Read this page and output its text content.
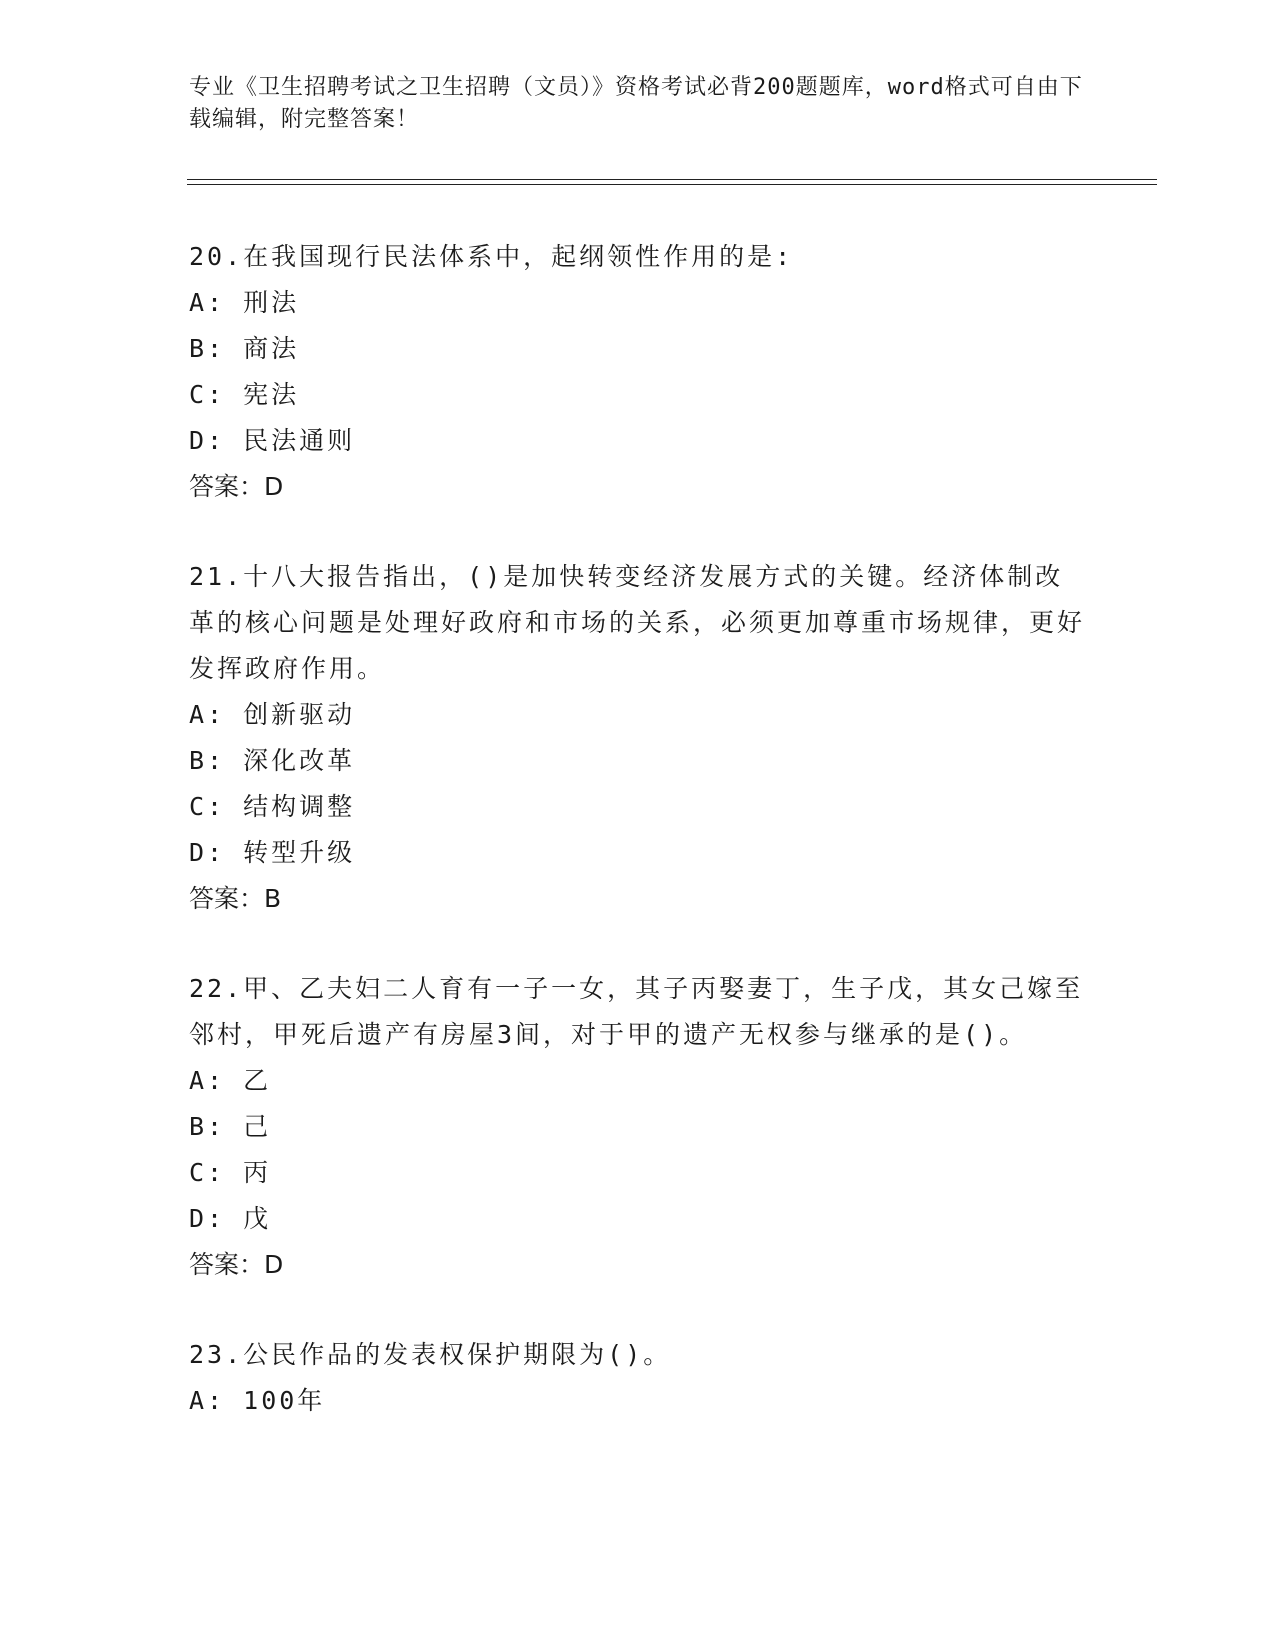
专业《卫生招聘考试之卫生招聘（文员）》资格考试必背200题题库，word格式可自由下载编辑，附完整答案！

20.在我国现行民法体系中，起纲领性作用的是:

A: 刑法

B: 商法

C: 宪法

D: 民法通则

答案：D

21.十八大报告指出，()是加快转变经济发展方式的关键。经济体制改革的核心问题是处理好政府和市场的关系，必须更加尊重市场规律，更好发挥政府作用。

A: 创新驱动

B: 深化改革

C: 结构调整

D: 转型升级

答案：B

22.甲、乙夫妇二人育有一子一女，其子丙娶妻丁，生子戊，其女己嫁至邻村，甲死后遗产有房屋3间，对于甲的遗产无权参与继承的是()。

A: 乙

B: 己

C: 丙

D: 戊

答案：D

23.公民作品的发表权保护期限为()。

A: 100年
